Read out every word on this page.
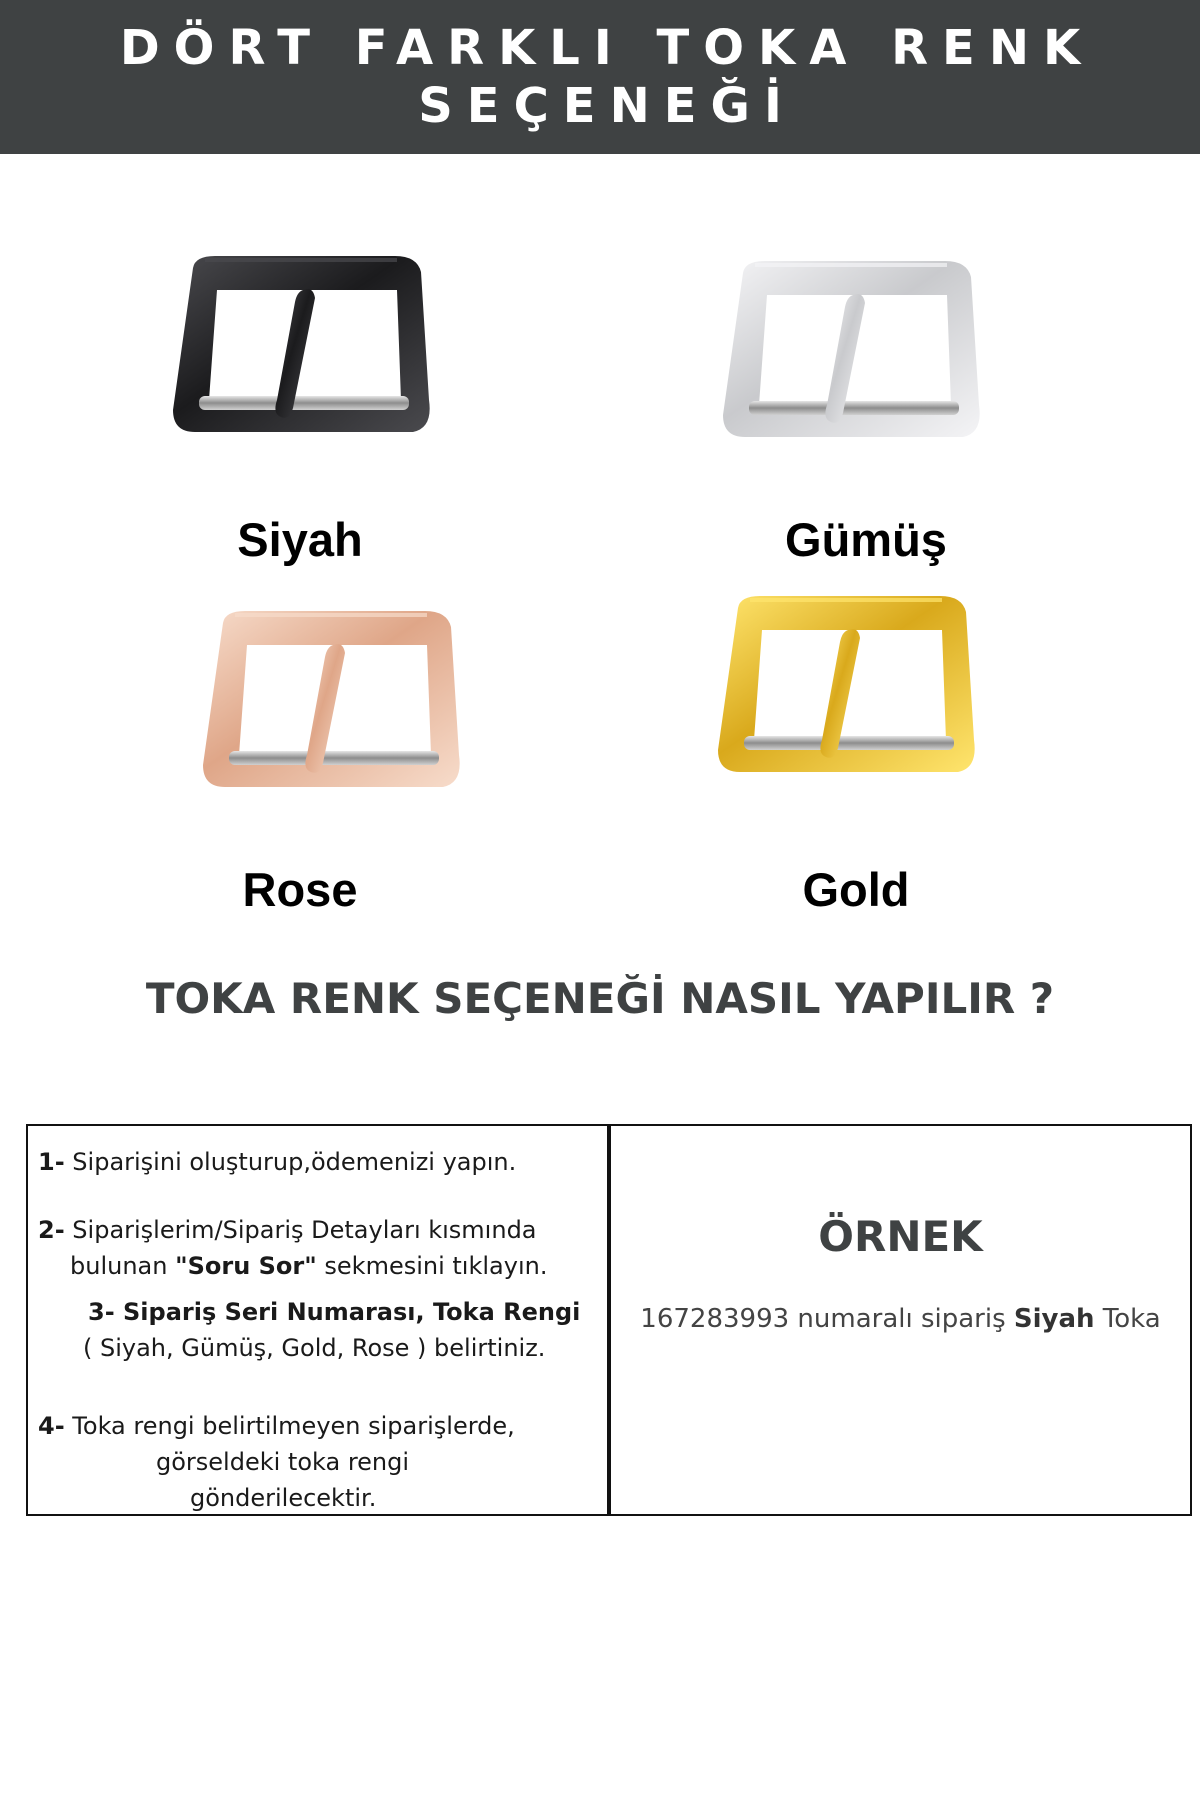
DÖRT FARKLI TOKA RENK
SEÇENEĞİ
Siyah	Gümüş
Rose	Gold
TOKA RENK SEÇENEĞİ NASIL YAPILIR ?
1- Siparişini oluşturup,ödemenizi yapın.
2- Siparişlerim/Sipariş Detayları kısmında
bulunan "Soru Sor" sekmesini tıklayın.
3- Sipariş Seri Numarası, Toka Rengi
( Siyah, Gümüş, Gold, Rose ) belirtiniz.
4- Toka rengi belirtilmeyen siparişlerde,
görseldeki toka rengi
gönderilecektir.
ÖRNEK
167283993 numaralı sipariş Siyah Toka
